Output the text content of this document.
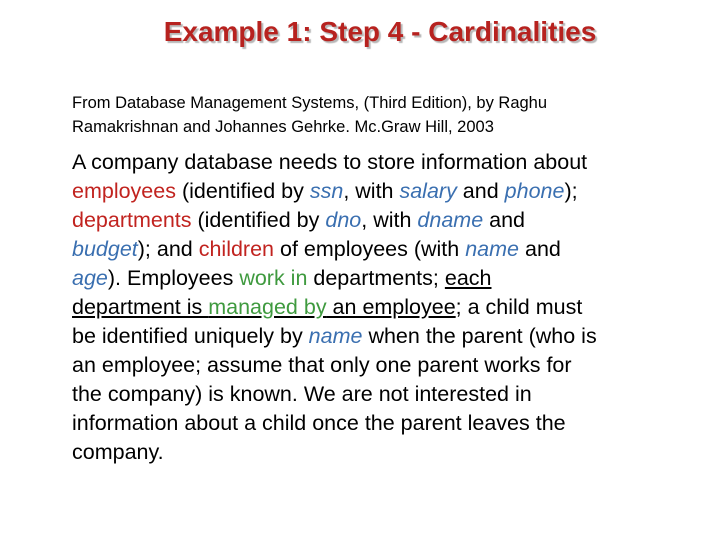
Example 1: Step 4 - Cardinalities
From Database Management Systems, (Third Edition), by Raghu
Ramakrishnan and Johannes Gehrke. Mc.Graw Hill, 2003
A company database needs to store information about
employees (identified by ssn, with salary and phone);
departments (identified by dno, with dname and
budget); and children of employees (with name and
age). Employees work in departments; each
department is managed by an employee; a child must
be identified uniquely by name when the parent (who is
an employee; assume that only one parent works for
the company) is known. We are not interested in
information about a child once the parent leaves the
company.
